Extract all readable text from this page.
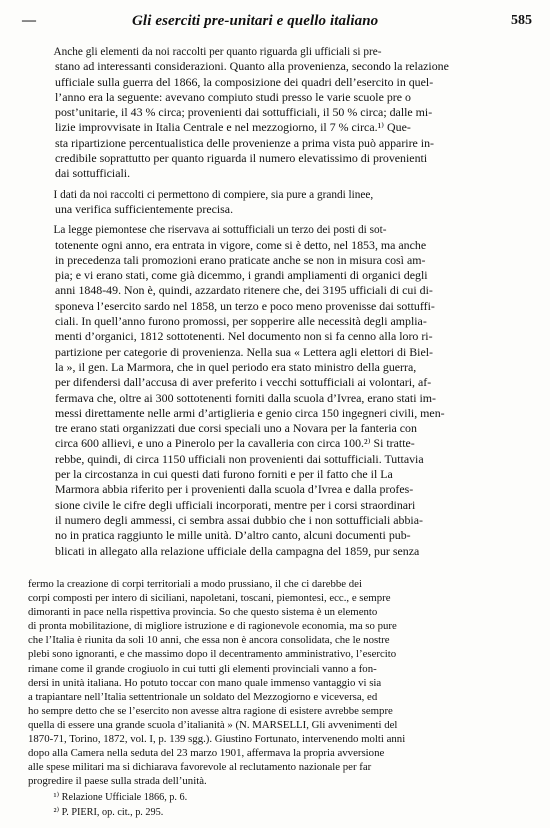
—	Gli eserciti pre-unitari e quello italiano	585

Anche gli elementi da noi raccolti per quanto riguarda gli ufficiali si pre-
stano ad interessanti considerazioni. Quanto alla provenienza, secondo la relazione
ufficiale sulla guerra del 1866, la composizione dei quadri dell’esercito in quel-
l’anno era la seguente: avevano compiuto studi presso le varie scuole pre o
post’unitarie, il 43 % circa; provenienti dai sottufficiali, il 50 % circa; dalle mi-
lizie improvvisate in Italia Centrale e nel mezzogiorno, il 7 % circa.¹⁾ Que-
sta ripartizione percentualistica delle provenienze a prima vista può apparire in-
credibile soprattutto per quanto riguarda il numero elevatissimo di provenienti
dai sottufficiali.

I dati da noi raccolti ci permettono di compiere, sia pure a grandi linee,
una verifica sufficientemente precisa.

La legge piemontese che riservava ai sottufficiali un terzo dei posti di sot-
totenente ogni anno, era entrata in vigore, come si è detto, nel 1853, ma anche
in precedenza tali promozioni erano praticate anche se non in misura così am-
pia; e vi erano stati, come già dicemmo, i grandi ampliamenti di organici degli
anni 1848-49. Non è, quindi, azzardato ritenere che, dei 3195 ufficiali di cui di-
sponeva l’esercito sardo nel 1858, un terzo e poco meno provenisse dai sottuffi-
ciali. In quell’anno furono promossi, per sopperire alle necessità degli amplia-
menti d’organici, 1812 sottotenenti. Nel documento non si fa cenno alla loro ri-
partizione per categorie di provenienza. Nella sua « Lettera agli elettori di Biel-
la », il gen. La Marmora, che in quel periodo era stato ministro della guerra,
per difendersi dall’accusa di aver preferito i vecchi sottufficiali ai volontari, af-
fermava che, oltre ai 300 sottotenenti forniti dalla scuola d’Ivrea, erano stati im-
messi direttamente nelle armi d’artiglieria e genio circa 150 ingegneri civili, men-
tre erano stati organizzati due corsi speciali uno a Novara per la fanteria con
circa 600 allievi, e uno a Pinerolo per la cavalleria con circa 100.²⁾ Si tratte-
rebbe, quindi, di circa 1150 ufficiali non provenienti dai sottufficiali. Tuttavia
per la circostanza in cui questi dati furono forniti e per il fatto che il La
Marmora abbia riferito per i provenienti dalla scuola d’Ivrea e dalla profes-
sione civile le cifre degli ufficiali incorporati, mentre per i corsi straordinari
il numero degli ammessi, ci sembra assai dubbio che i non sottufficiali abbia-
no in pratica raggiunto le mille unità. D’altro canto, alcuni documenti pub-
blicati in allegato alla relazione ufficiale della campagna del 1859, pur senza

fermo la creazione di corpi territoriali a modo prussiano, il che ci darebbe dei
corpi composti per intero di siciliani, napoletani, toscani, piemontesi, ecc., e sempre
dimoranti in pace nella rispettiva provincia. So che questo sistema è un elemento
di pronta mobilitazione, di migliore istruzione e di ragionevole economia, ma so pure
che l’Italia è riunita da soli 10 anni, che essa non è ancora consolidata, che le nostre
plebi sono ignoranti, e che massimo dopo il decentramento amministrativo, l’esercito
rimane come il grande crogiuolo in cui tutti gli elementi provinciali vanno a fon-
dersi in unità italiana. Ho potuto toccar con mano quale immenso vantaggio vi sia
a trapiantare nell’Italia settentrionale un soldato del Mezzogiorno e viceversa, ed
ho sempre detto che se l’esercito non avesse altra ragione di esistere avrebbe sempre
quella di essere una grande scuola d’italianità » (N. MARSELLI, Gli avvenimenti del
1870-71, Torino, 1872, vol. I, p. 139 sgg.). Giustino Fortunato, intervenendo molti anni
dopo alla Camera nella seduta del 23 marzo 1901, affermava la propria avversione
alle spese militari ma si dichiarava favorevole al reclutamento nazionale per far
progredire il paese sulla strada dell’unità.
¹⁾ Relazione Ufficiale 1866, p. 6.
²⁾ P. PIERI, op. cit., p. 295.
